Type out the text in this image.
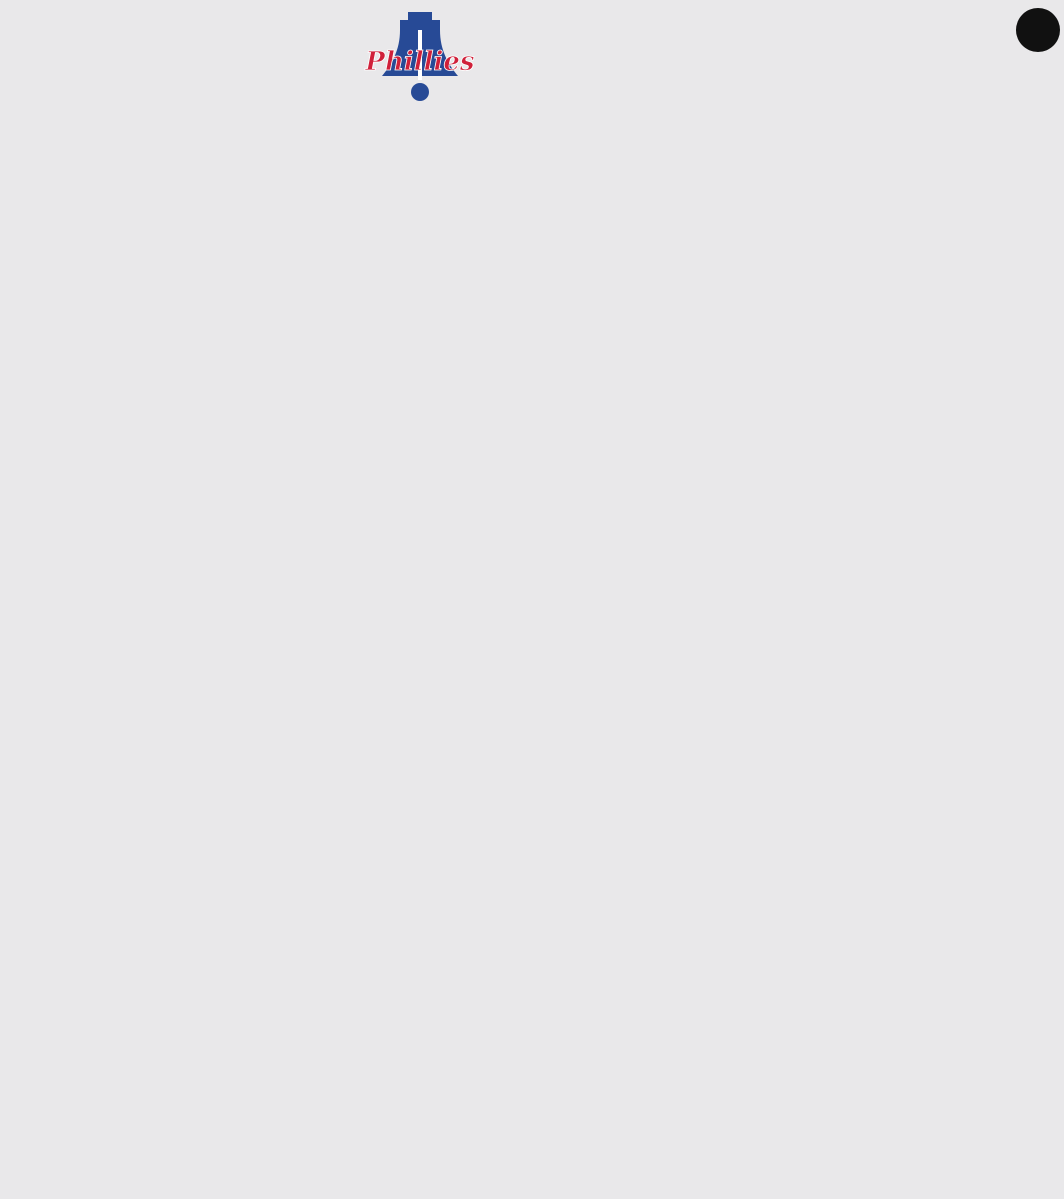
Phillies
